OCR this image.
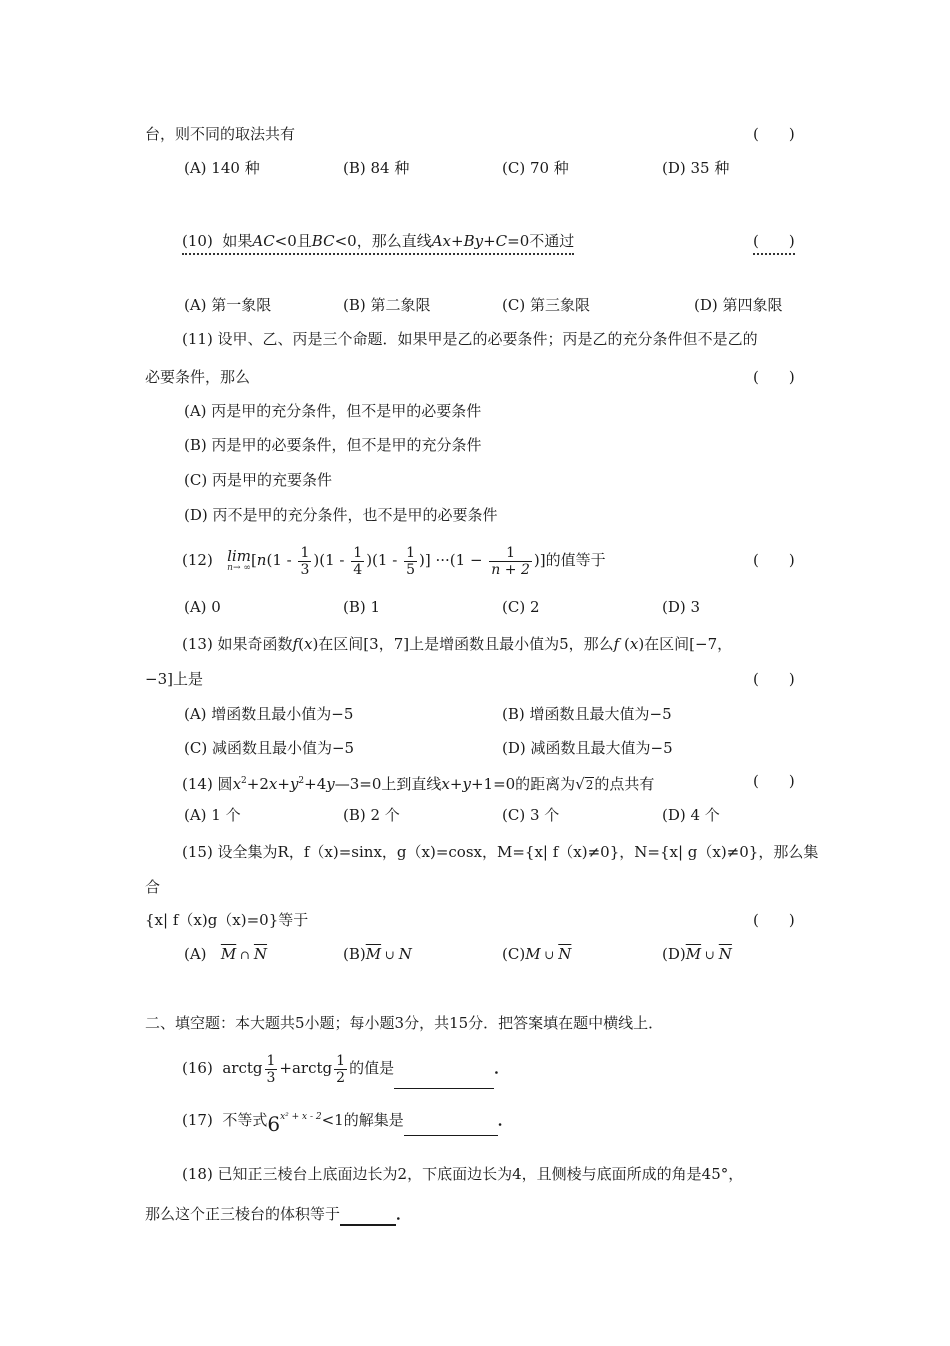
台，则不同的取法共有	(　　)
(A) 140 种	(B) 84 种	(C) 70 种	(D) 35 种
(10) 如果AC<0且BC<0，那么直线Ax+By+C=0不通过	(　　)
(A) 第一象限	(B) 第二象限	(C) 第三象限	(D) 第四象限
(11) 设甲、乙、丙是三个命题．如果甲是乙的必要条件；丙是乙的充分条件但不是乙的
必要条件，那么	(　　)
(A) 丙是甲的充分条件，但不是甲的必要条件
(B) 丙是甲的必要条件，但不是甲的充分条件
(C) 丙是甲的充要条件
(D) 丙不是甲的充分条件，也不是甲的必要条件
(12) lim
n→ ∞ [$n(1 - \frac{1}{3} )(1 - \frac{1}{4} )(1 - \frac{1}{5}$ )] $\cdot\cdot\cdot(1 - \frac{1}{n + 2}$ )]的值等于	(　　)
(A) 0	(B) 1	(C) 2	(D) 3
(13) 如果奇函数f(x)在区间[3，7]上是增函数且最小值为5，那么f (x)在区间[−7，
−3]上是	(　　)
(A) 增函数且最小值为−5	(B) 增函数且最大值为−5
(C) 减函数且最小值为−5	(D) 减函数且最大值为−5
(14) 圆$x^2+2x+y^2+4y—3=0$上到直线x+y+1=0的距离为√2的点共有	(　　)
(A) 1 个	(B) 2 个	(C) 3 个	(D) 4 个
(15) 设全集为R，f（x)=sinx，g（x)=cosx，M={x| f（x)≠0}，N={x| g（x)≠0}，那么集
合
{x| f（x)g（x)=0}等于	(　　)
(A) $\overline{M}$ ∩ $\overline{N}$	$(B)\overline{M}$ ∪ N	(C)M ∪ $\overline{N}$	$(D)\overline{M}$ ∪ $\overline{N}$
二、填空题：本大题共5小题；每小题3分，共15分．把答案填在题中横线上．
(16) arctg $\frac{1}{3}$ +arctg $\frac{1}{2}$ 的值是	．
(17) 不等式$6^{x^2 + x - 2}<1$的解集是	．
(18) 已知正三棱台上底面边长为2，下底面边长为4，且侧棱与底面所成的角是45°，
那么这个正三棱台的体积等于	．
